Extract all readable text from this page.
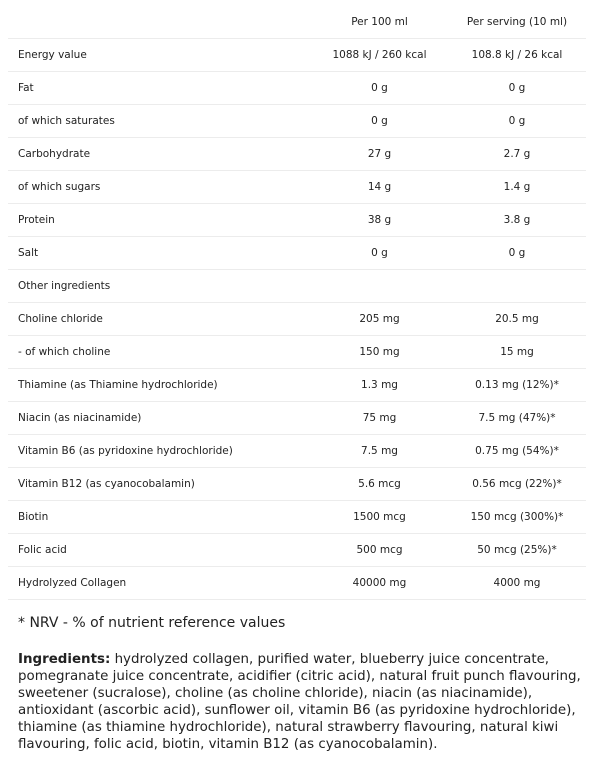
	Per 100 ml	Per serving (10 ml)
Energy value	1088 kJ / 260 kcal	108.8 kJ / 26 kcal
Fat	0 g	0 g
of which saturates	0 g	0 g
Carbohydrate	27 g	2.7 g
of which sugars	14 g	1.4 g
Protein	38 g	3.8 g
Salt	0 g	0 g
Other ingredients		
Choline chloride	205 mg	20.5 mg
- of which choline	150 mg	15 mg
Thiamine (as Thiamine hydrochloride)	1.3 mg	0.13 mg (12%)*
Niacin (as niacinamide)	75 mg	7.5 mg (47%)*
Vitamin B6 (as pyridoxine hydrochloride)	7.5 mg	0.75 mg (54%)*
Vitamin B12 (as cyanocobalamin)	5.6 mcg	0.56 mcg (22%)*
Biotin	1500 mcg	150 mcg (300%)*
Folic acid	500 mcg	50 mcg (25%)*
Hydrolyzed Collagen	40000 mg	4000 mg
* NRV - % of nutrient reference values
Ingredients: hydrolyzed collagen, purified water, blueberry juice concentrate, pomegranate juice concentrate, acidifier (citric acid), natural fruit punch flavouring, sweetener (sucralose), choline (as choline chloride), niacin (as niacinamide), antioxidant (ascorbic acid), sunflower oil, vitamin B6 (as pyridoxine hydrochloride), thiamine (as thiamine hydrochloride), natural strawberry flavouring, natural kiwi flavouring, folic acid, biotin, vitamin B12 (as cyanocobalamin).
